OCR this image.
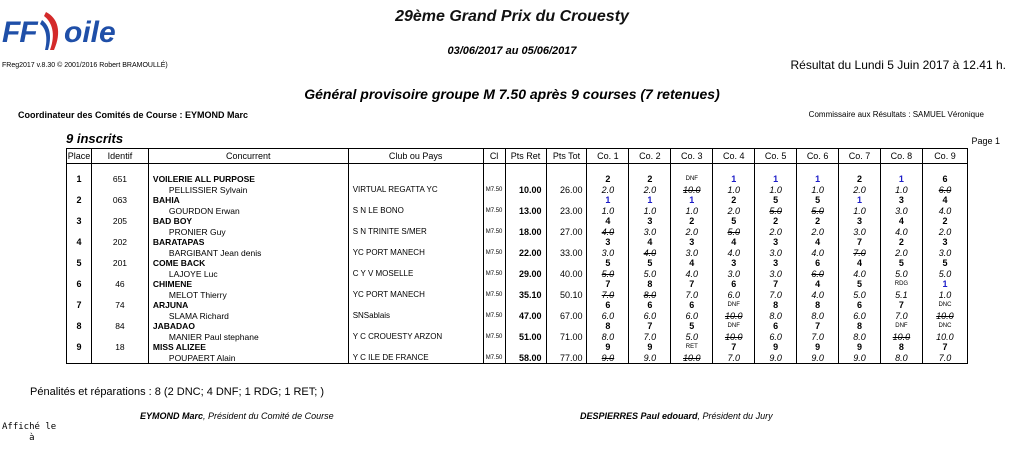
FF oile	29ème Grand Prix du Crouesty
03/06/2017 au 05/06/2017
FReg2017 v.8.30 © 2001/2016 Robert BRAMOULLÉ)	Résultat du Lundi 5 Juin 2017 à 12.41 h.
Général provisoire groupe M 7.50 après 9 courses (7 retenues)
Coordinateur des Comités de Course : EYMOND Marc	Commissaire aux Résultats : SAMUEL Véronique
9 inscrits	Page 1
Place	Identif	Concurrent	Club ou Pays	Cl	Pts Ret	Pts Tot	Co. 1	Co. 2	Co. 3	Co. 4	Co. 5	Co. 6	Co. 7	Co. 8	Co. 9
1	651	VOILERIE ALL PURPOSE					2	2	DNF	1	1	1	2	1	6
		PELLISSIER Sylvain	VIRTUAL REGATTA YC	M7.50	10.00	26.00	2.0	2.0	10.0	1.0	1.0	1.0	2.0	1.0	6.0
2	063	BAHIA					1	1	1	2	5	5	1	3	4
		GOURDON Erwan	S N LE BONO	M7.50	13.00	23.00	1.0	1.0	1.0	2.0	5.0	5.0	1.0	3.0	4.0
3	205	BAD BOY					4	3	2	5	2	2	3	4	2
		PRONIER Guy	S N TRINITE S/MER	M7.50	18.00	27.00	4.0	3.0	2.0	5.0	2.0	2.0	3.0	4.0	2.0
4	202	BARATAPAS					3	4	3	4	3	4	7	2	3
		BARGIBANT Jean denis	YC PORT MANECH	M7.50	22.00	33.00	3.0	4.0	3.0	4.0	3.0	4.0	7.0	2.0	3.0
5	201	COME BACK					5	5	4	3	3	6	4	5	5
		LAJOYE Luc	C Y V MOSELLE	M7.50	29.00	40.00	5.0	5.0	4.0	3.0	3.0	6.0	4.0	5.0	5.0
6	46	CHIMENE					7	8	7	6	7	4	5	RDG	1
		MELOT Thierry	YC PORT MANECH	M7.50	35.10	50.10	7.0	8.0	7.0	6.0	7.0	4.0	5.0	5.1	1.0
7	74	ARJUNA					6	6	6	DNF	8	8	6	7	DNC
		SLAMA Richard	SNSablais	M7.50	47.00	67.00	6.0	6.0	6.0	10.0	8.0	8.0	6.0	7.0	10.0
8	84	JABADAO					8	7	5	DNF	6	7	8	DNF	DNC
		MANIER Paul stephane	Y C CROUESTY ARZON	M7.50	51.00	71.00	8.0	7.0	5.0	10.0	6.0	7.0	8.0	10.0	10.0
9	18	MISS ALIZEE					9	9	RET	7	9	9	9	8	7
		POUPAERT Alain	Y C ILE DE FRANCE	M7.50	58.00	77.00	9.0	9.0	10.0	7.0	9.0	9.0	9.0	8.0	7.0
Pénalités et réparations : 8 (2 DNC; 4 DNF; 1 RDG; 1 RET; )
EYMOND Marc, Président du Comité de Course	DESPIERRES Paul edouard, Président du Jury
Affiché le
à
